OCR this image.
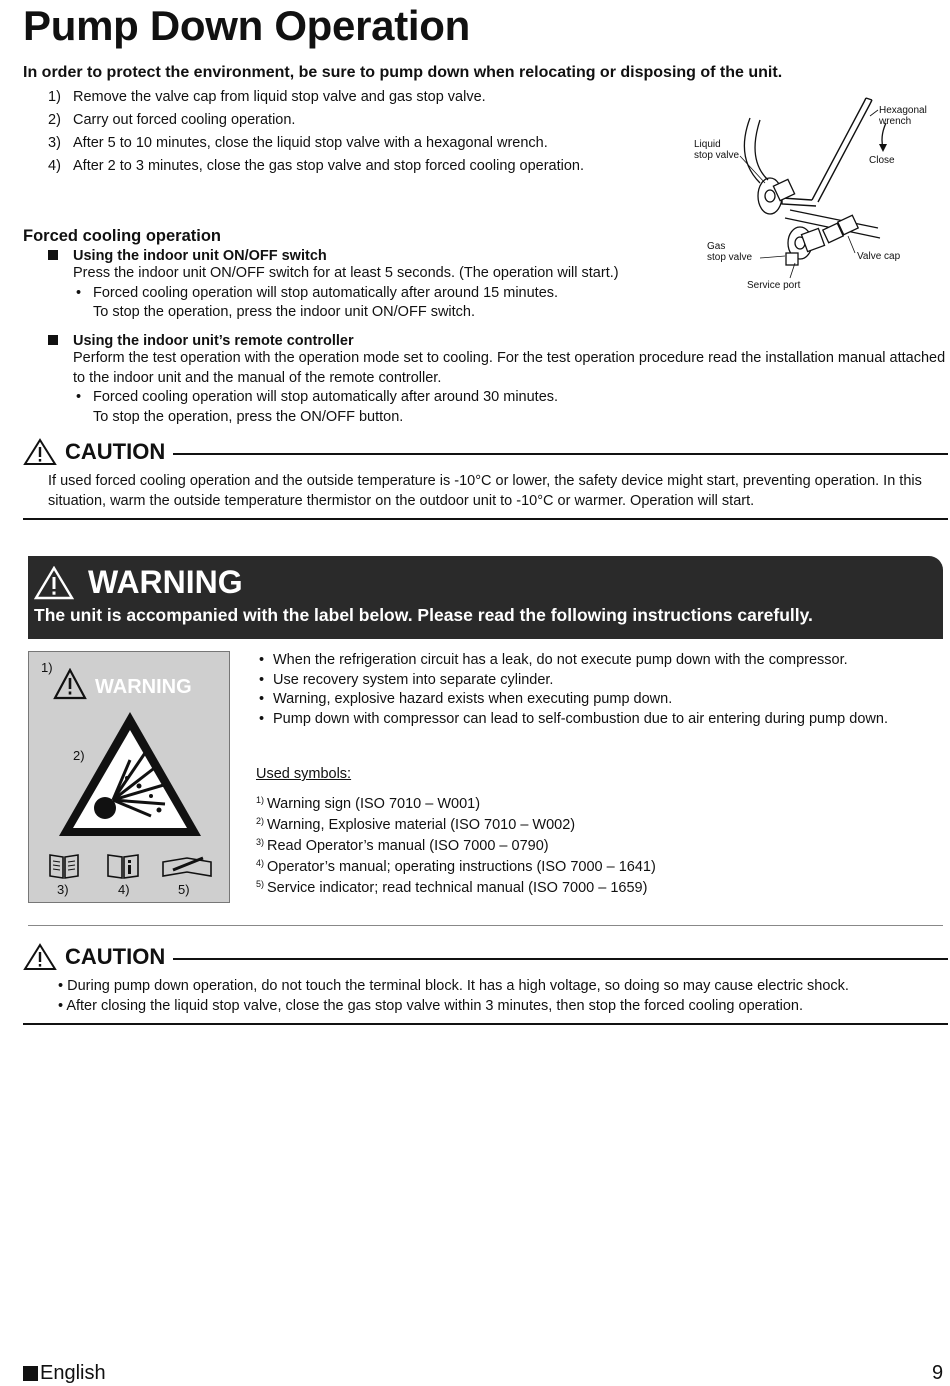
Pump Down Operation
In order to protect the environment, be sure to pump down when relocating or disposing of the unit.
1) Remove the valve cap from liquid stop valve and gas stop valve.
2) Carry out forced cooling operation.
3) After 5 to 10 minutes, close the liquid stop valve with a hexagonal wrench.
4) After 2 to 3 minutes, close the gas stop valve and stop forced cooling operation.
Liquid
stop valve
Hexagonal
wrench
Close
Gas
stop valve	Valve cap
Service port
Forced cooling operation
Using the indoor unit ON/OFF switch
Press the indoor unit ON/OFF switch for at least 5 seconds. (The operation will start.)
• Forced cooling operation will stop automatically after around 15 minutes.
To stop the operation, press the indoor unit ON/OFF switch.
Using the indoor unit’s remote controller
Perform the test operation with the operation mode set to cooling. For the test operation procedure read the installation manual attached to the indoor unit and the manual of the remote controller.
• Forced cooling operation will stop automatically after around 30 minutes.
To stop the operation, press the ON/OFF button.
CAUTION
If used forced cooling operation and the outside temperature is -10°C or lower, the safety device might start, preventing operation. In this situation, warm the outside temperature thermistor on the outdoor unit to -10°C or warmer. Operation will start.
WARNING
The unit is accompanied with the label below. Please read the following instructions carefully.
1)
WARNING
2)
3)	4)	5)
• When the refrigeration circuit has a leak, do not execute pump down with the compressor.
• Use recovery system into separate cylinder.
• Warning, explosive hazard exists when executing pump down.
• Pump down with compressor can lead to self-combustion due to air entering during pump down.
Used symbols:
$^{1)}$ Warning sign (ISO 7010 – W001)
$^{2)}$ Warning, Explosive material (ISO 7010 – W002)
$^{3)}$ Read Operator’s manual (ISO 7000 – 0790)
$^{4)}$ Operator’s manual; operating instructions (ISO 7000 – 1641)
$^{5)}$ Service indicator; read technical manual (ISO 7000 – 1659)
CAUTION
• During pump down operation, do not touch the terminal block. It has a high voltage, so doing so may cause electric shock.
• After closing the liquid stop valve, close the gas stop valve within 3 minutes, then stop the forced cooling operation.
English	9
